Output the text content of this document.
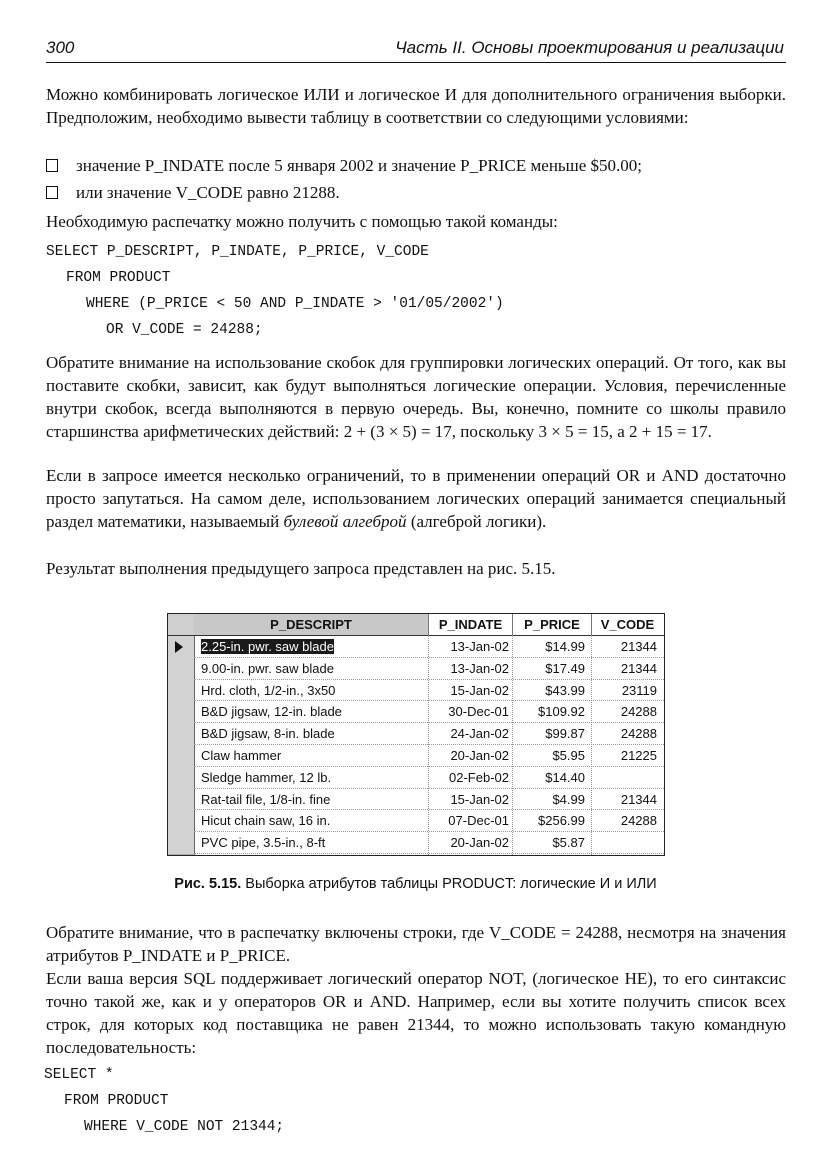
300	Часть II. Основы проектирования и реализации

Можно комбинировать логическое ИЛИ и логическое И для дополнительного ограничения выборки. Предположим, необходимо вывести таблицу в соответствии со следующими условиями:

значение P_INDATE после 5 января 2002 и значение P_PRICE меньше $50.00;
или значение V_CODE равно 21288.

Необходимую распечатку можно получить с помощью такой команды:

SELECT P_DESCRIPT, P_INDATE, P_PRICE, V_CODE
FROM PRODUCT
WHERE (P_PRICE < 50 AND P_INDATE > '01/05/2002')
OR V_CODE = 24288;

Обратите внимание на использование скобок для группировки логических операций. От того, как вы поставите скобки, зависит, как будут выполняться логические операции. Условия, перечисленные внутри скобок, всегда выполняются в первую очередь. Вы, конечно, помните со школы правило старшинства арифметических действий: 2 + (3 × 5) = 17, поскольку 3 × 5 = 15, а 2 + 15 = 17.

Если в запросе имеется несколько ограничений, то в применении операций OR и AND достаточно просто запутаться. На самом деле, использованием логических операций занимается специальный раздел математики, называемый булевой алгеброй (алгеброй логики).

Результат выполнения предыдущего запроса представлен на рис. 5.15.

P_DESCRIPT	P_INDATE	P_PRICE	V_CODE
2.25-in. pwr. saw blade	13-Jan-02	$14.99	21344
9.00-in. pwr. saw blade	13-Jan-02	$17.49	21344
Hrd. cloth, 1/2-in., 3x50	15-Jan-02	$43.99	23119
B&D jigsaw, 12-in. blade	30-Dec-01	$109.92	24288
B&D jigsaw, 8-in. blade	24-Jan-02	$99.87	24288
Claw hammer	20-Jan-02	$5.95	21225
Sledge hammer, 12 lb.	02-Feb-02	$14.40
Rat-tail file, 1/8-in. fine	15-Jan-02	$4.99	21344
Hicut chain saw, 16 in.	07-Dec-01	$256.99	24288
PVC pipe, 3.5-in., 8-ft	20-Jan-02	$5.87
Рис. 5.15. Выборка атрибутов таблицы PRODUCT: логические И и ИЛИ

Обратите внимание, что в распечатку включены строки, где V_CODE = 24288, несмотря на значения атрибутов P_INDATE и P_PRICE.

Если ваша версия SQL поддерживает логический оператор NOT, (логическое НЕ), то его синтаксис точно такой же, как и у операторов OR и AND. Например, если вы хотите получить список всех строк, для которых код поставщика не равен 21344, то можно использовать такую командную последовательность:

SELECT *
FROM PRODUCT
WHERE V_CODE NOT 21344;
